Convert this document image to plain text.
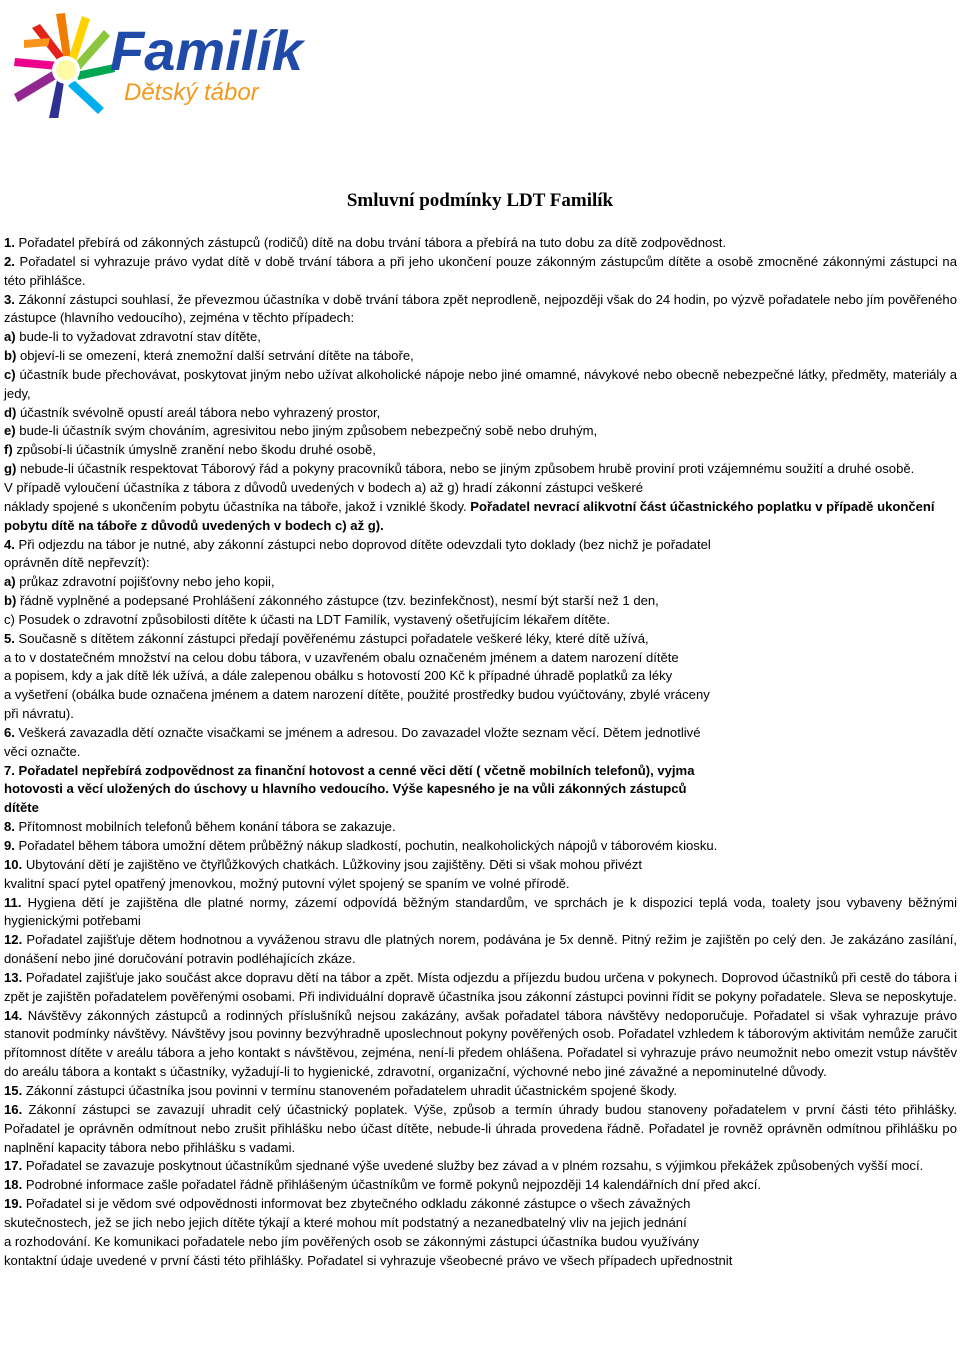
Familík
Dětský tábor
Smluvní podmínky LDT Familík

1. Pořadatel přebírá od zákonných zástupců (rodičů) dítě na dobu trvání tábora a přebírá na tuto dobu za dítě zodpovědnost.

2. Pořadatel si vyhrazuje právo vydat dítě v době trvání tábora a při jeho ukončení pouze zákonným zástupcům dítěte a osobě zmocněné zákonnými zástupci na této přihlášce.

3. Zákonní zástupci souhlasí, že převezmou účastníka v době trvání tábora zpět neprodleně, nejpozději však do 24 hodin, po výzvě pořadatele nebo jím pověřeného zástupce (hlavního vedoucího), zejména v těchto případech:

a) bude-li to vyžadovat zdravotní stav dítěte,

b) objeví-li se omezení, která znemožní další setrvání dítěte na táboře,

c) účastník bude přechovávat, poskytovat jiným nebo užívat alkoholické nápoje nebo jiné omamné, návykové nebo obecně nebezpečné látky, předměty, materiály a jedy,

d) účastník svévolně opustí areál tábora nebo vyhrazený prostor,

e) bude-li účastník svým chováním, agresivitou nebo jiným způsobem nebezpečný sobě nebo druhým,

f) způsobí-li účastník úmyslně zranění nebo škodu druhé osobě,

g) nebude-li účastník respektovat Táborový řád a pokyny pracovníků tábora, nebo se jiným způsobem hrubě proviní proti vzájemnému soužití a druhé osobě.

V případě vyloučení účastníka z tábora z důvodů uvedených v bodech a) až g) hradí zákonní zástupci veškeré
náklady spojené s ukončením pobytu účastníka na táboře, jakož i vzniklé škody. Pořadatel nevrací alikvotní část účastnického poplatku v případě ukončení pobytu dítě na táboře z důvodů uvedených v bodech c) až g).

4. Při odjezdu na tábor je nutné, aby zákonní zástupci nebo doprovod dítěte odevzdali tyto doklady (bez nichž je pořadatel
oprávněn dítě nepřevzít):

a) průkaz zdravotní pojišťovny nebo jeho kopii,

b) řádně vyplněné a podepsané Prohlášení zákonného zástupce (tzv. bezinfekčnost), nesmí být starší než 1 den,

c) Posudek o zdravotní způsobilosti dítěte k účasti na LDT Familík, vystavený ošetřujícím lékařem dítěte.

5. Současně s dítětem zákonní zástupci předají pověřenému zástupci pořadatele veškeré léky, které dítě užívá,
a to v dostatečném množství na celou dobu tábora, v uzavřeném obalu označeném jménem a datem narození dítěte
a popisem, kdy a jak dítě lék užívá, a dále zalepenou obálku s hotovostí 200 Kč k případné úhradě poplatků za léky
a vyšetření (obálka bude označena jménem a datem narození dítěte, použité prostředky budou vyúčtovány, zbylé vráceny
při návratu).

6. Veškerá zavazadla dětí označte visačkami se jménem a adresou. Do zavazadel vložte seznam věcí. Dětem jednotlivé
věci označte.

7. Pořadatel nepřebírá zodpovědnost za finanční hotovost a cenné věci dětí ( včetně mobilních telefonů), vyjma
hotovosti a věcí uložených do úschovy u hlavního vedoucího. Výše kapesného je na vůli zákonných zástupců
dítěte

8. Přítomnost mobilních telefonů během konání tábora se zakazuje.

9. Pořadatel během tábora umožní dětem průběžný nákup sladkostí, pochutin, nealkoholických nápojů v táborovém kiosku.

10. Ubytování dětí je zajištěno ve čtyřlůžkových chatkách. Lůžkoviny jsou zajištěny. Děti si však mohou přivézt
kvalitní spací pytel opatřený jmenovkou, možný putovní výlet spojený se spaním ve volné přírodě.

11. Hygiena dětí je zajištěna dle platné normy, zázemí odpovídá běžným standardům, ve sprchách je k dispozici teplá voda, toalety jsou vybaveny běžnými hygienickými potřebami

12. Pořadatel zajišťuje dětem hodnotnou a vyváženou stravu dle platných norem, podávána je 5x denně. Pitný režim je zajištěn po celý den. Je zakázáno zasílání, donášení nebo jiné doručování potravin podléhajících zkáze.

13. Pořadatel zajišťuje jako součást akce dopravu dětí na tábor a zpět. Místa odjezdu a příjezdu budou určena v pokynech. Doprovod účastníků při cestě do tábora i zpět je zajištěn pořadatelem pověřenými osobami. Při individuální dopravě účastníka jsou zákonní zástupci povinni řídit se pokyny pořadatele. Sleva se neposkytuje.

14. Návštěvy zákonných zástupců a rodinných příslušníků nejsou zakázány, avšak pořadatel tábora návštěvy nedoporučuje. Pořadatel si však vyhrazuje právo stanovit podmínky návštěvy. Návštěvy jsou povinny bezvýhradně uposlechnout pokyny pověřených osob. Pořadatel vzhledem k táborovým aktivitám nemůže zaručit přítomnost dítěte v areálu tábora a jeho kontakt s návštěvou, zejména, není-li předem ohlášena. Pořadatel si vyhrazuje právo neumožnit nebo omezit vstup návštěv do areálu tábora a kontakt s účastníky, vyžadují-li to hygienické, zdravotní, organizační, výchovné nebo jiné závažné a nepominutelné důvody.

15. Zákonní zástupci účastníka jsou povinni v termínu stanoveném pořadatelem uhradit účastnickém spojené škody.

16. Zákonní zástupci se zavazují uhradit celý účastnický poplatek. Výše, způsob a termín úhrady budou stanoveny pořadatelem v první části této přihlášky. Pořadatel je oprávněn odmítnout nebo zrušit přihlášku nebo účast dítěte, nebude-li úhrada provedena řádně. Pořadatel je rovněž oprávněn odmítnou přihlášku po naplnění kapacity tábora nebo přihlášku s vadami.

17. Pořadatel se zavazuje poskytnout účastníkům sjednané výše uvedené služby bez závad a v plném rozsahu, s výjimkou překážek způsobených vyšší mocí.

18. Podrobné informace zašle pořadatel řádně přihlášeným účastníkům ve formě pokynů nejpozději 14 kalendářních dní před akcí.

19. Pořadatel si je vědom své odpovědnosti informovat bez zbytečného odkladu zákonné zástupce o všech závažných
skutečnostech, jež se jich nebo jejich dítěte týkají a které mohou mít podstatný a nezanedbatelný vliv na jejich jednání
a rozhodování. Ke komunikaci pořadatele nebo jím pověřených osob se zákonnými zástupci účastníka budou využívány
kontaktní údaje uvedené v první části této přihlášky. Pořadatel si vyhrazuje všeobecné právo ve všech případech upřednostnit
